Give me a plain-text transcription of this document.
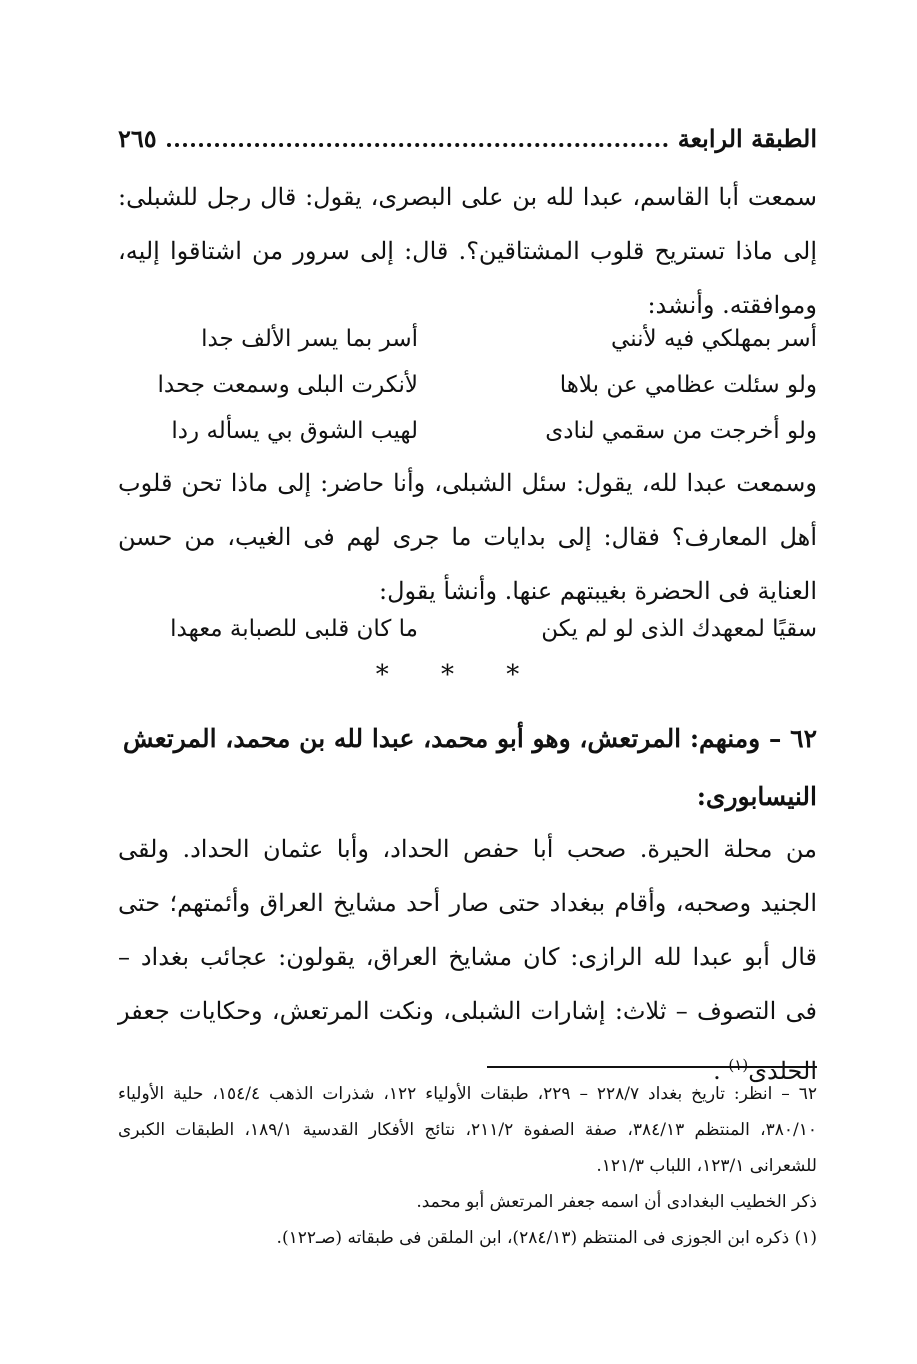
الطبقة الرابعة
٢٦٥

سمعت أبا القاسم، عبدا لله بن على البصرى، يقول: قال رجل للشبلى: إلى ماذا تستريح قلوب المشتاقين؟. قال: إلى سرور من اشتاقوا إليه، وموافقته. وأنشد:

أسر بمهلكي فيه لأنني
أسر بما يسر الألف جدا
ولو سئلت عظامي عن بلاها
لأنكرت البلى وسمعت جحدا
ولو أخرجت من سقمي لنادى
لهيب الشوق بي يسأله ردا

وسمعت عبدا لله، يقول: سئل الشبلى، وأنا حاضر: إلى ماذا تحن قلوب أهل المعارف؟ فقال: إلى بدايات ما جرى لهم فى الغيب، من حسن العناية فى الحضرة بغيبتهم عنها. وأنشأ يقول:

سقيًا لمعهدك الذى لو لم يكن
ما كان قلبى للصبابة معهدا
* * *

٦٢ – ومنهم: المرتعش، وهو أبو محمد، عبدا لله بن محمد، المرتعش النيسابورى:

من محلة الحيرة. صحب أبا حفص الحداد، وأبا عثمان الحداد. ولقى الجنيد وصحبه، وأقام ببغداد حتى صار أحد مشايخ العراق وأئمتهم؛ حتى قال أبو عبدا لله الرازى: كان مشايخ العراق، يقولون: عجائب بغداد – فى التصوف – ثلاث: إشارات الشبلى، ونكت المرتعش، وحكايات جعفر الخلدى$^{(١)}$ .

٦٢ – انظر: تاريخ بغداد ٢٢٨/٧ – ٢٢٩، طبقات الأولياء ١٢٢، شذرات الذهب ١٥٤/٤، حلية الأولياء ٣٨٠/١٠، المنتظم ٣٨٤/١٣، صفة الصفوة ٢١١/٢، نتائج الأفكار القدسية ١٨٩/١، الطبقات الكبرى للشعرانى ١٢٣/١، اللباب ١٢١/٣.

ذكر الخطيب البغدادى أن اسمه جعفر المرتعش أبو محمد.

(١) ذكره ابن الجوزى فى المنتظم (٢٨٤/١٣)، ابن الملقن فى طبقاته (صـ١٢٢).
